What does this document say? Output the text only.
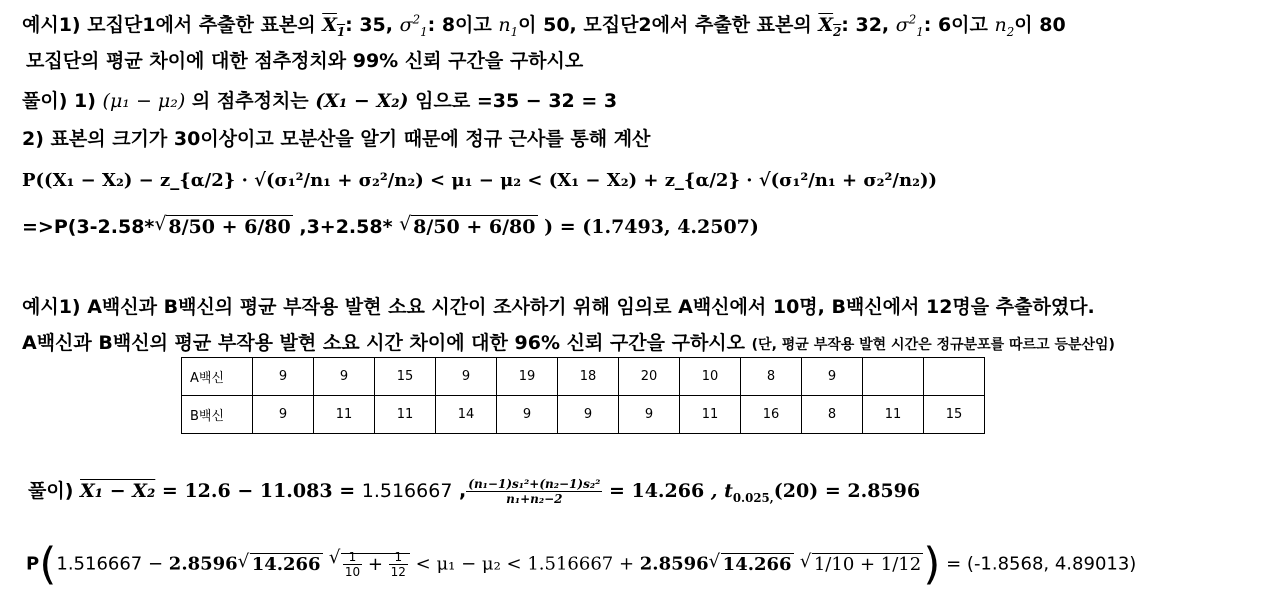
예시1) 모집단1에서 추출한 표본의 $X_1$: 35, $\sigma^2_1$: 8이고 $n_1$이 50, 모집단2에서 추출한 표본의 $X_2$: 32, $\sigma^2_1$: 6이고 $n_2$이 80
모집단의 평균 차이에 대한 점추정치와 99% 신뢰 구간을 구하시오
풀이) 1) (μ₁ − μ₂) 의 점추정치는 (X₁ − X₂) 임으로 =35 − 32 = 3
2) 표본의 크기가 30이상이고 모분산을 알기 때문에 정규 근사를 통해 계산
P((X₁ − X₂) − z_{α/2} · √(σ₁²/n₁ + σ₂²/n₂) < μ₁ − μ₂ < (X₁ − X₂) + z_{α/2} · √(σ₁²/n₁ + σ₂²/n₂))
=>P(3-2.58* √ 8/50 + 6/80 ,3+2.58* √ 8/50 + 6/80 ) = (1.7493, 4.2507)
예시1) A백신과 B백신의 평균 부작용 발현 소요 시간이 조사하기 위해 임의로 A백신에서 10명, B백신에서 12명을 추출하였다.
A백신과 B백신의 평균 부작용 발현 소요 시간 차이에 대한 96% 신뢰 구간을 구하시오 (단, 평균 부작용 발현 시간은 정규분포를 따르고 등분산임)
A백신	9	9	15	9	19	18	20	10	8	9		
B백신	9	11	11	14	9	9	9	11	16	8	11	15
풀이) X₁ − X₂ = 12.6 − 11.083 = 1.516667 , $\frac{\text{(n₁−1)s₁²+(n₂−1)s₂²}}{\text{n₁+n₂−2}} = 14.266$ , $t_{0.025,}(20) = 2.8596$
P(1.516667 − 2.8596 √ 14.266 √ $\frac{1}{10} + \frac{1}{12} < \mu_1 - \mu_2 < 1.516667 + 2.8596$ √ 14.266 √ 1/10 + 1/12) = (-1.8568, 4.89013)
